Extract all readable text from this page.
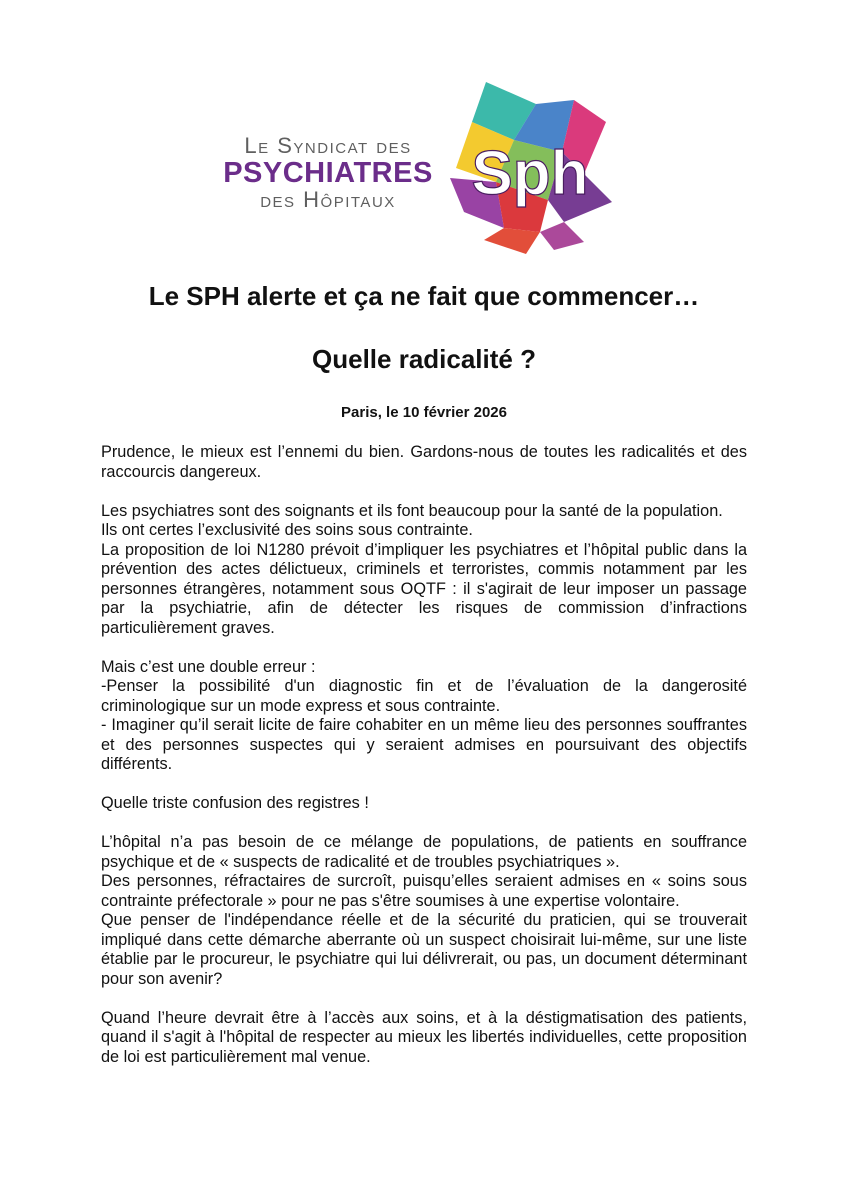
Le Syndicat des
PSYCHIATRES
des Hôpitaux	Sph
Le SPH alerte et ça ne fait que commencer…
Quelle radicalité ?
Paris, le 10 février 2026

Prudence, le mieux est l’ennemi du bien. Gardons-nous de toutes les radicalités et des raccourcis dangereux.

Les psychiatres sont des soignants et ils font beaucoup pour la santé de la population.
Ils ont certes l’exclusivité des soins sous contrainte.
La proposition de loi N1280 prévoit d’impliquer les psychiatres et l’hôpital public dans la prévention des actes délictueux, criminels et terroristes, commis notamment par les personnes étrangères, notamment sous OQTF : il s'agirait de leur imposer un passage par la psychiatrie, afin de détecter les risques de commission d’infractions particulièrement graves.

Mais c’est une double erreur :
-Penser la possibilité d'un diagnostic fin et de l’évaluation de la dangerosité criminologique sur un mode express et sous contrainte.
- Imaginer qu’il serait licite de faire cohabiter en un même lieu des personnes souffrantes et des personnes suspectes qui y seraient admises en poursuivant des objectifs différents.

Quelle triste confusion des registres !

L’hôpital n’a pas besoin de ce mélange de populations, de patients en souffrance psychique et de « suspects de radicalité et de troubles psychiatriques ».
Des personnes, réfractaires de surcroît, puisqu’elles seraient admises en « soins sous contrainte préfectorale » pour ne pas s'être soumises à une expertise volontaire.
Que penser de l'indépendance réelle et de la sécurité du praticien, qui se trouverait impliqué dans cette démarche aberrante où un suspect choisirait lui-même, sur une liste établie par le procureur, le psychiatre qui lui délivrerait, ou pas, un document déterminant pour son avenir?

Quand l’heure devrait être à l’accès aux soins, et à la déstigmatisation des patients, quand il s'agit à l'hôpital de respecter au mieux les libertés individuelles, cette proposition de loi est particulièrement mal venue.
